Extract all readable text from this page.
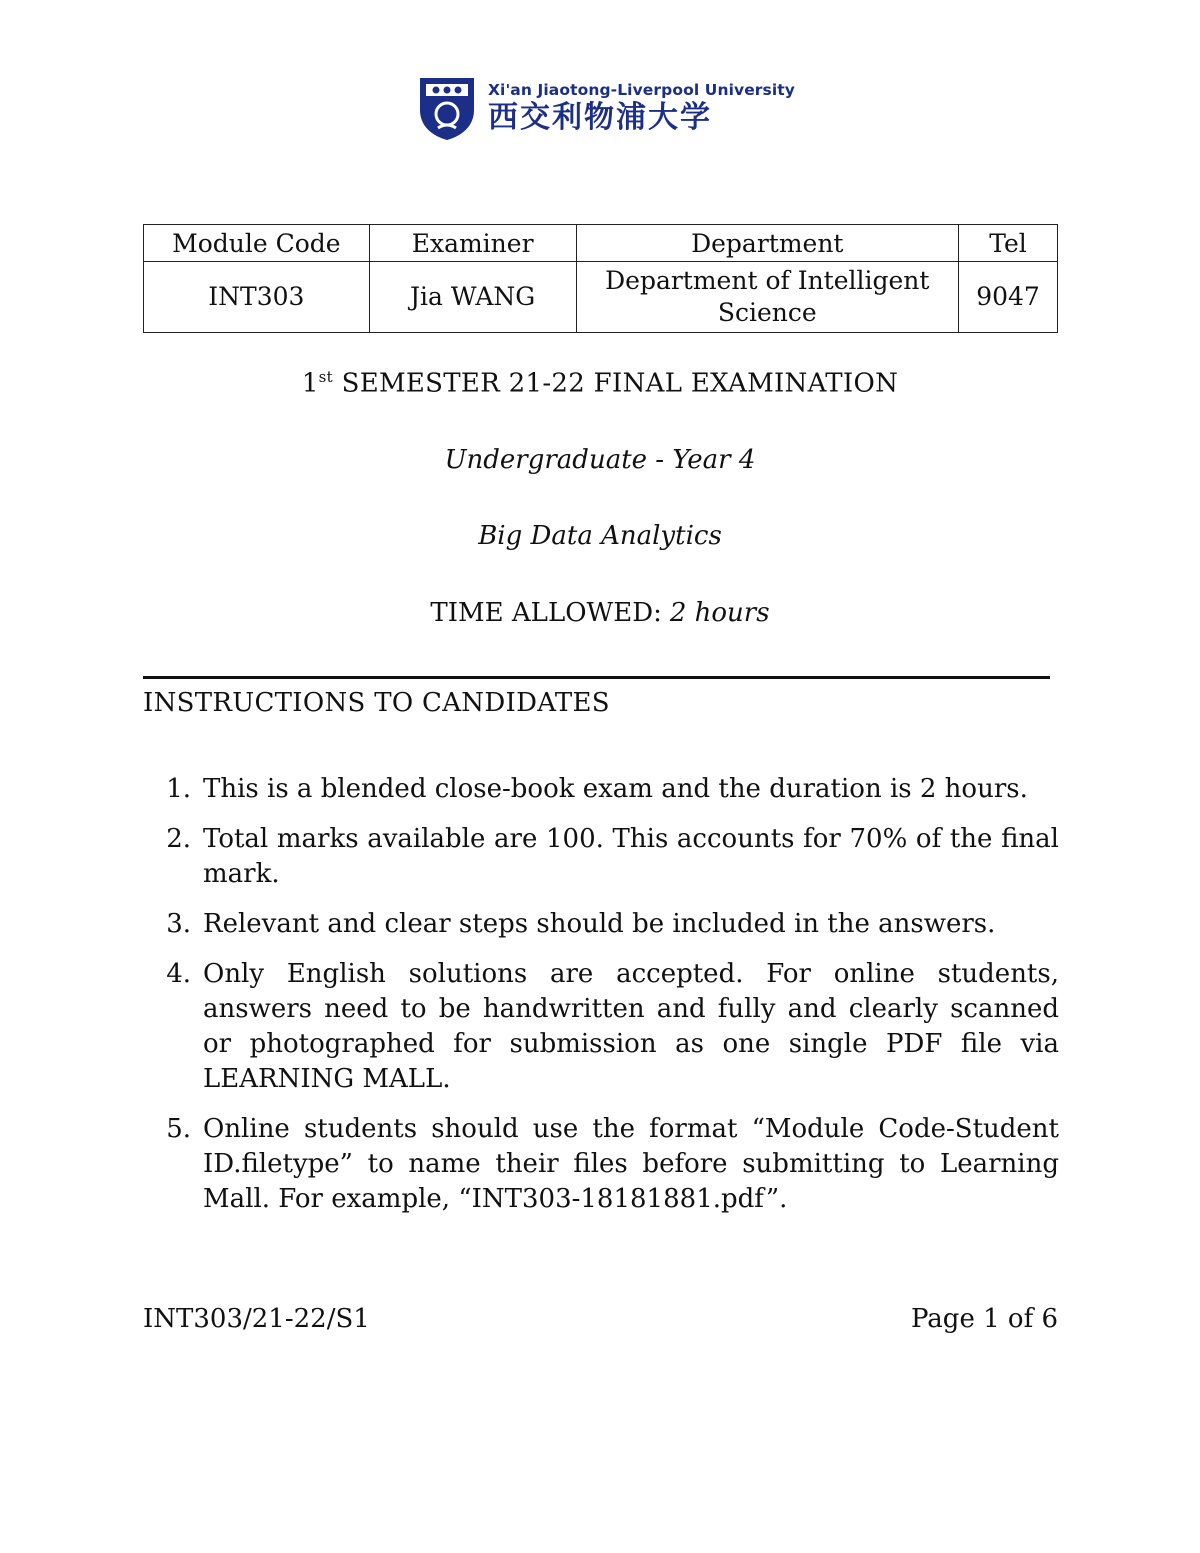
Xi'an Jiaotong-Liverpool University
西交利物浦大学
Module Code	Examiner	Department	Tel
INT303	Jia WANG	Department of Intelligent Science	9047
1st SEMESTER 21-22 FINAL EXAMINATION
Undergraduate - Year 4
Big Data Analytics
TIME ALLOWED: 2 hours
INSTRUCTIONS TO CANDIDATES
1. This is a blended close-book exam and the duration is 2 hours.
2. Total marks available are 100. This accounts for 70% of the final mark.
3. Relevant and clear steps should be included in the answers.
4. Only English solutions are accepted. For online students, answers need to be handwritten and fully and clearly scanned or photographed for submission as one single PDF file via LEARNING MALL.
5. Online students should use the format “Module Code-Student ID.filetype” to name their files before submitting to Learning Mall. For example, “INT303-18181881.pdf”.
INT303/21-22/S1	Page 1 of 6
